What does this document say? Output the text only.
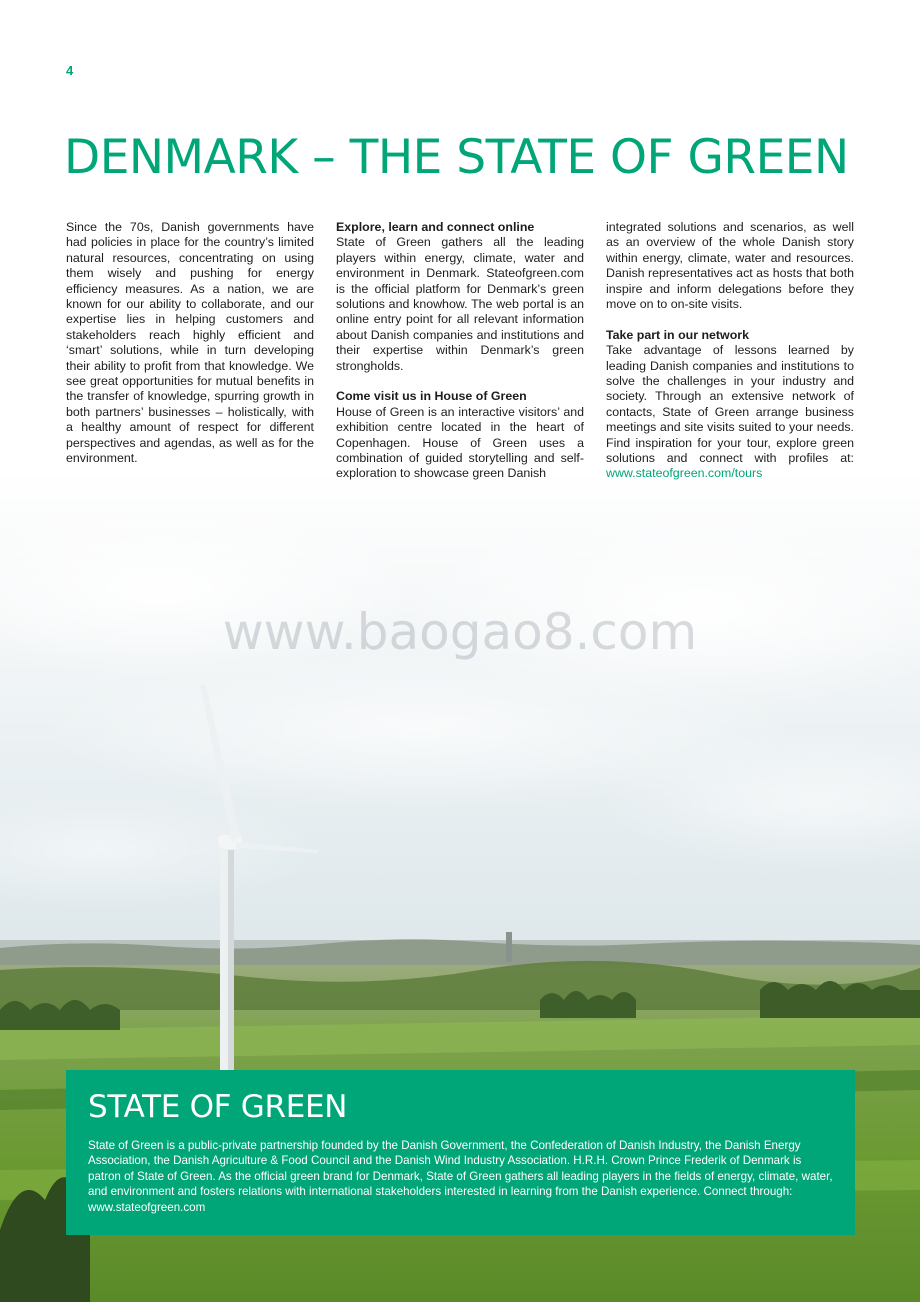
4
DENMARK – THE STATE OF GREEN

Since the 70s, Danish governments have had policies in place for the country’s limited natural resources, concentrating on using them wisely and pushing for energy efficiency measures. As a nation, we are known for our ability to collaborate, and our expertise lies in helping customers and stakeholders reach highly efficient and ‘smart’ solutions, while in turn developing their ability to profit from that knowledge. We see great opportunities for mutual benefits in the transfer of knowledge, spurring growth in both partners’ businesses – holistically, with a healthy amount of respect for different perspectives and agendas, as well as for the environment.

Explore, learn and connect online

State of Green gathers all the leading players within energy, climate, water and environment in Denmark. Stateofgreen.com is the official platform for Denmark’s green solutions and knowhow. The web portal is an online entry point for all relevant information about Danish companies and institutions and their expertise within Denmark’s green strongholds.

Come visit us in House of Green

House of Green is an interactive visitors’ and exhibition centre located in the heart of Copenhagen. House of Green uses a combination of guided storytelling and self-exploration to showcase green Danish

integrated solutions and scenarios, as well as an overview of the whole Danish story within energy, climate, water and resources. Danish representatives act as hosts that both inspire and inform delegations before they move on to on-site visits.

Take part in our network

Take advantage of lessons learned by leading Danish companies and institutions to solve the challenges in your industry and society. Through an extensive network of contacts, State of Green arrange business meetings and site visits suited to your needs. Find inspiration for your tour, explore green solutions and connect with profiles at: www.stateofgreen.com/tours

www.baogao8.com
STATE OF GREEN

State of Green is a public-private partnership founded by the Danish Government, the Confederation of Danish Industry, the Danish Energy Association, the Danish Agriculture & Food Council and the Danish Wind Industry Association. H.R.H. Crown Prince Frederik of Denmark is patron of State of Green. As the official green brand for Denmark, State of Green gathers all leading players in the fields of energy, climate, water, and environment and fosters relations with international stakeholders interested in learning from the Danish experience. Connect through: www.stateofgreen.com
